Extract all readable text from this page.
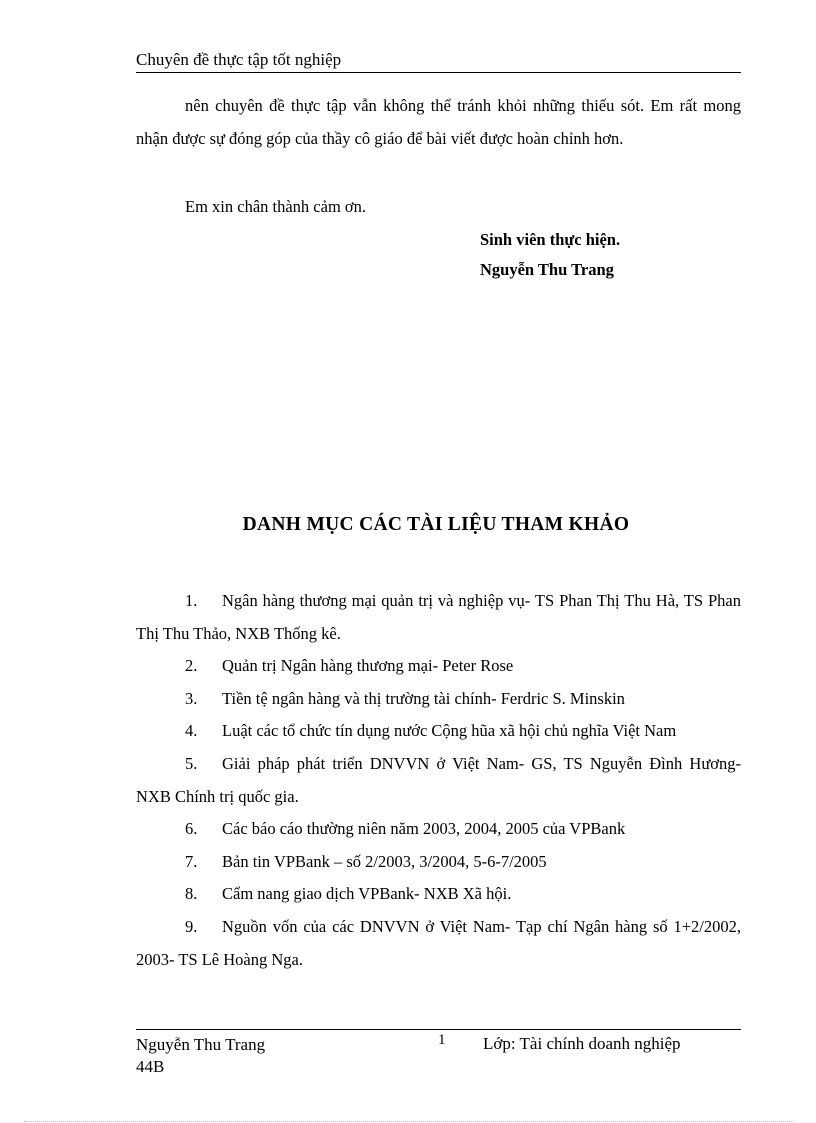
Chuyên đề thực tập tốt nghiệp
nên chuyên đề thực tập vẫn không thể tránh khỏi những thiếu sót. Em rất mong nhận được sự đóng góp của thầy cô giáo để bài viết được hoàn chỉnh hơn.
Em xin chân thành cảm ơn.
Sinh viên thực hiện.
Nguyễn Thu Trang
DANH MỤC CÁC TÀI LIỆU THAM KHẢO
1. Ngân hàng thương mại quản trị và nghiệp vụ- TS Phan Thị Thu Hà, TS Phan Thị Thu Thảo, NXB Thống kê.
2. Quản trị Ngân hàng thương mại- Peter Rose
3. Tiền tệ ngân hàng và thị trường tài chính- Ferdric S. Minskin
4. Luật các tổ chức tín dụng nước Cộng hũa xã hội chủ nghĩa Việt Nam
5. Giải pháp phát triển DNVVN ở Việt Nam- GS, TS Nguyễn Đình Hương- NXB Chính trị quốc gia.
6. Các báo cáo thường niên năm 2003, 2004, 2005 của VPBank
7. Bản tin VPBank – số 2/2003, 3/2004, 5-6-7/2005
8. Cẩm nang giao dịch VPBank- NXB Xã hội.
9. Nguồn vốn của các DNVVN ở Việt Nam- Tạp chí Ngân hàng số 1+2/2002, 2003- TS Lê Hoàng Nga.
Nguyễn Thu Trang
44B
1 Lớp: Tài chính doanh nghiệp
